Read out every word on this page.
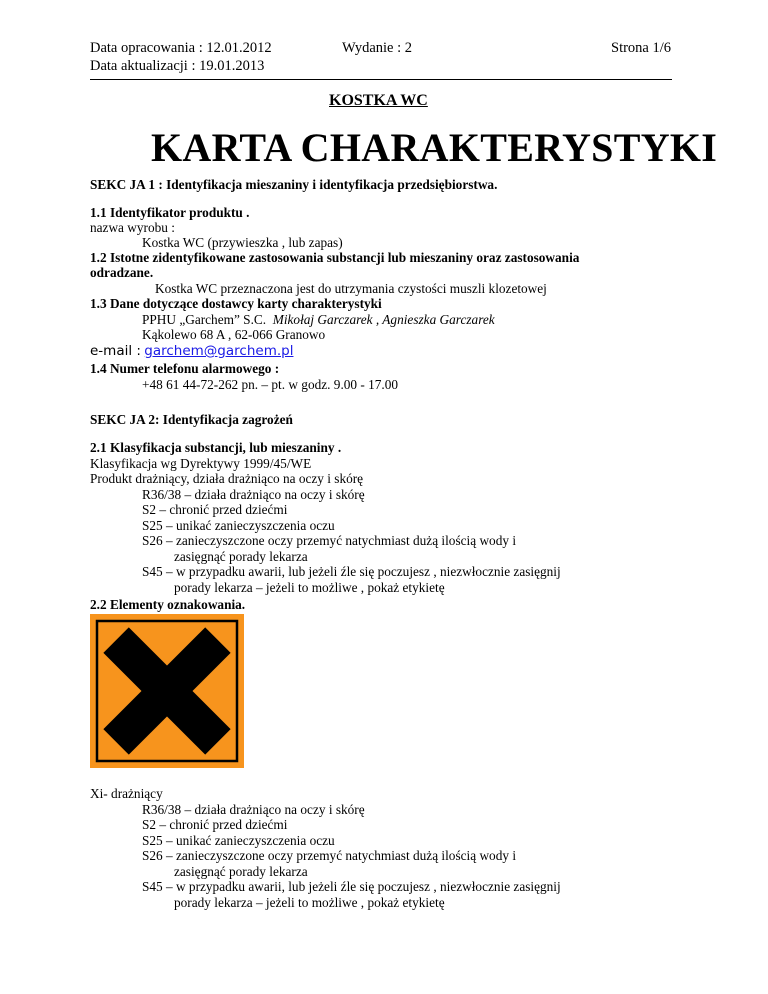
Data opracowania : 12.01.2012
Data aktualizacji : 19.01.2013
Wydanie : 2	Strona 1/6
KOSTKA WC
KARTA CHARAKTERYSTYKI
SEKC JA 1 : Identyfikacja mieszaniny i identyfikacja przedsiębiorstwa.
1.1 Identyfikator produktu .
nazwa wyrobu :
Kostka WC (przywieszka , lub zapas)
1.2 Istotne zidentyfikowane zastosowania substancji lub mieszaniny oraz zastosowania
odradzane.
Kostka WC przeznaczona jest do utrzymania czystości muszli klozetowej
1.3 Dane dotyczące dostawcy karty charakterystyki
PPHU „Garchem” S.C. Mikołaj Garczarek , Agnieszka Garczarek
Kąkolewo 68 A , 62-066 Granowo
e-mail : garchem@garchem.pl
1.4 Numer telefonu alarmowego :
+48 61 44-72-262 pn. – pt. w godz. 9.00 - 17.00
SEKC JA 2: Identyfikacja zagrożeń
2.1 Klasyfikacja substancji, lub mieszaniny .
Klasyfikacja wg Dyrektywy 1999/45/WE
Produkt drażniący, działa drażniąco na oczy i skórę
R36/38 – działa drażniąco na oczy i skórę
S2 – chronić przed dziećmi
S25 – unikać zanieczyszczenia oczu
S26 – zanieczyszczone oczy przemyć natychmiast dużą ilością wody i
zasięgnąć porady lekarza
S45 – w przypadku awarii, lub jeżeli źle się poczujesz , niezwłocznie zasięgnij
porady lekarza – jeżeli to możliwe , pokaż etykietę
2.2 Elementy oznakowania.
Xi- drażniący
R36/38 – działa drażniąco na oczy i skórę
S2 – chronić przed dziećmi
S25 – unikać zanieczyszczenia oczu
S26 – zanieczyszczone oczy przemyć natychmiast dużą ilością wody i
zasięgnąć porady lekarza
S45 – w przypadku awarii, lub jeżeli źle się poczujesz , niezwłocznie zasięgnij
porady lekarza – jeżeli to możliwe , pokaż etykietę
